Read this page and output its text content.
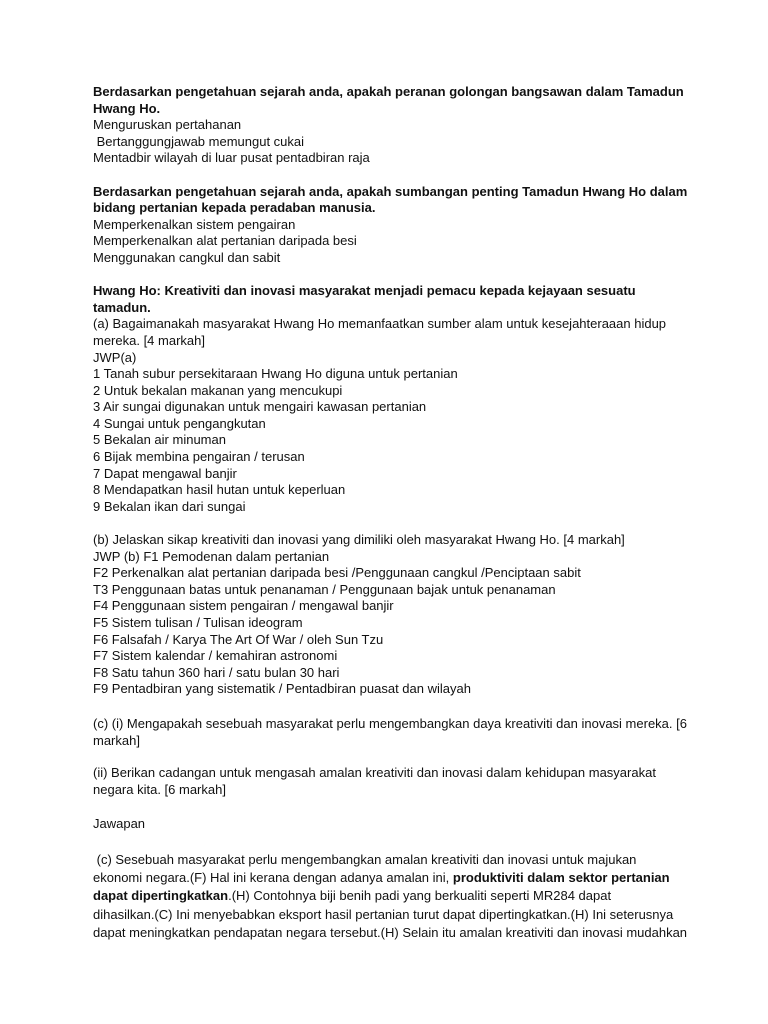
Berdasarkan pengetahuan sejarah anda, apakah peranan golongan bangsawan dalam Tamadun
Hwang Ho.
Menguruskan pertahanan
Bertanggungjawab memungut cukai
Mentadbir wilayah di luar pusat pentadbiran raja
Berdasarkan pengetahuan sejarah anda, apakah sumbangan penting Tamadun Hwang Ho dalam
bidang pertanian kepada peradaban manusia.
Memperkenalkan sistem pengairan
Memperkenalkan alat pertanian daripada besi
Menggunakan cangkul dan sabit
Hwang Ho: Kreativiti dan inovasi masyarakat menjadi pemacu kepada kejayaan sesuatu
tamadun.
(a) Bagaimanakah masyarakat Hwang Ho memanfaatkan sumber alam untuk kesejahteraaan hidup
mereka. [4 markah]
JWP(a)
1 Tanah subur persekitaraan Hwang Ho diguna untuk pertanian
2 Untuk bekalan makanan yang mencukupi
3 Air sungai digunakan untuk mengairi kawasan pertanian
4 Sungai untuk pengangkutan
5 Bekalan air minuman
6 Bijak membina pengairan / terusan
7 Dapat mengawal banjir
8 Mendapatkan hasil hutan untuk keperluan
9 Bekalan ikan dari sungai
(b) Jelaskan sikap kreativiti dan inovasi yang dimiliki oleh masyarakat Hwang Ho. [4 markah]
JWP (b) F1 Pemodenan dalam pertanian
F2 Perkenalkan alat pertanian daripada besi /Penggunaan cangkul /Penciptaan sabit
T3 Penggunaan batas untuk penanaman / Penggunaan bajak untuk penanaman
F4 Penggunaan sistem pengairan / mengawal banjir
F5 Sistem tulisan / Tulisan ideogram
F6 Falsafah / Karya The Art Of War / oleh Sun Tzu
F7 Sistem kalendar / kemahiran astronomi
F8 Satu tahun 360 hari / satu bulan 30 hari
F9 Pentadbiran yang sistematik / Pentadbiran puasat dan wilayah
(c) (i) Mengapakah sesebuah masyarakat perlu mengembangkan daya kreativiti dan inovasi mereka. [6
markah]
(ii) Berikan cadangan untuk mengasah amalan kreativiti dan inovasi dalam kehidupan masyarakat
negara kita. [6 markah]
Jawapan
(c) Sesebuah masyarakat perlu mengembangkan amalan kreativiti dan inovasi untuk majukan
ekonomi negara.(F) Hal ini kerana dengan adanya amalan ini, produktiviti dalam sektor pertanian
dapat dipertingkatkan.(H) Contohnya biji benih padi yang berkualiti seperti MR284 dapat
dihasilkan.(C) Ini menyebabkan eksport hasil pertanian turut dapat dipertingkatkan.(H) Ini seterusnya
dapat meningkatkan pendapatan negara tersebut.(H) Selain itu amalan kreativiti dan inovasi mudahkan
